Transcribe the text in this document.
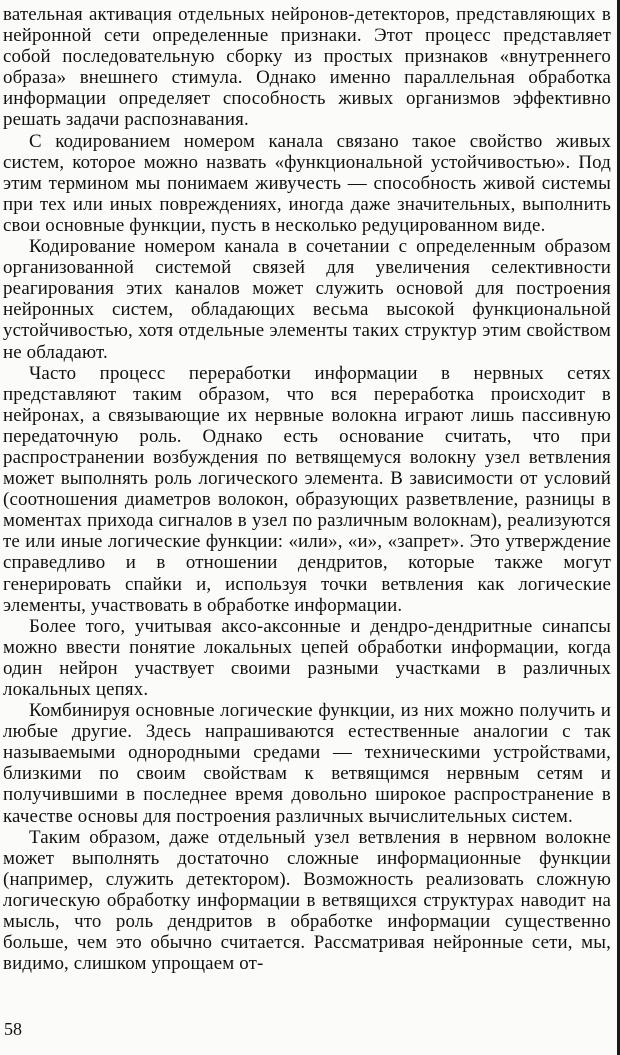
вательная активация отдельных нейронов-детекторов, представляющих в нейронной сети определенные признаки. Этот процесс представляет собой последовательную сборку из простых признаков «внутреннего образа» внешнего стимула. Однако именно параллельная обработка информации определяет способность живых организмов эффективно решать задачи распознавания.

С кодированием номером канала связано такое свойство живых систем, которое можно назвать «функциональной устойчивостью». Под этим термином мы понимаем живучесть — способность живой системы при тех или иных повреждениях, иногда даже значительных, выполнить свои основные функции, пусть в несколько редуцированном виде.

Кодирование номером канала в сочетании с определенным образом организованной системой связей для увеличения селективности реагирования этих каналов может служить основой для построения нейронных систем, обладающих весьма высокой функциональной устойчивостью, хотя отдельные элементы таких структур этим свойством не обладают.

Часто процесс переработки информации в нервных сетях представляют таким образом, что вся переработка происходит в нейронах, а связывающие их нервные волокна играют лишь пассивную передаточную роль. Однако есть основание считать, что при распространении возбуждения по ветвящемуся волокну узел ветвления может выполнять роль логического элемента. В зависимости от условий (соотношения диаметров волокон, образующих разветвление, разницы в моментах прихода сигналов в узел по различным волокнам), реализуются те или иные логические функции: «или», «и», «запрет». Это утверждение справедливо и в отношении дендритов, которые также могут генерировать спайки и, используя точки ветвления как логические элементы, участвовать в обработке информации.

Более того, учитывая аксо-аксонные и дендро-дендритные синапсы можно ввести понятие локальных цепей обработки информации, когда один нейрон участвует своими разными участками в различных локальных цепях.

Комбинируя основные логические функции, из них можно получить и любые другие. Здесь напрашиваются естественные аналогии с так называемыми однородными средами — техническими устройствами, близкими по своим свойствам к ветвящимся нервным сетям и получившими в последнее время довольно широкое распространение в качестве основы для построения различных вычислительных систем.

Таким образом, даже отдельный узел ветвления в нервном волокне может выполнять достаточно сложные информационные функции (например, служить детектором). Возможность реализовать сложную логическую обработку информации в ветвящихся структурах наводит на мысль, что роль дендритов в обработке информации существенно больше, чем это обычно считается. Рассматривая нейронные сети, мы, видимо, слишком упрощаем от-

58
